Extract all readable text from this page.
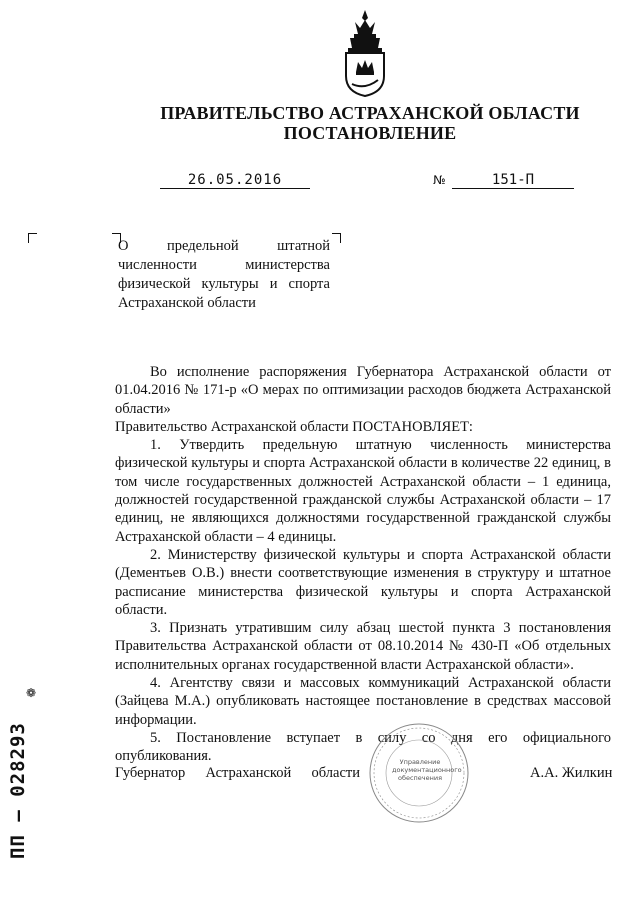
ПРАВИТЕЛЬСТВО АСТРАХАНСКОЙ ОБЛАСТИ
ПОСТАНОВЛЕНИЕ
26.05.2016	№	151-П
О предельной штатной численности министерства физической культуры и спорта Астраханской области

Во исполнение распоряжения Губернатора Астраханской области от 01.04.2016 № 171-р «О мерах по оптимизации расходов бюджета Астраханской области»

Правительство Астраханской области ПОСТАНОВЛЯЕТ:

1. Утвердить предельную штатную численность министерства физической культуры и спорта Астраханской области в количестве 22 единиц, в том числе государственных должностей Астраханской области – 1 единица, должностей государственной гражданской службы Астраханской области – 17 единиц, не являющихся должностями государственной гражданской службы Астраханской области – 4 единицы.

2. Министерству физической культуры и спорта Астраханской области (Дементьев О.В.) внести соответствующие изменения в структуру и штатное расписание министерства физической культуры и спорта Астраханской области.

3. Признать утратившим силу абзац шестой пункта 3 постановления Правительства Астраханской области от 08.10.2014 № 430-П «Об отдельных исполнительных органах государственной власти Астраханской области».

4. Агентству связи и массовых коммуникаций Астраханской области (Зайцева М.А.) опубликовать настоящее постановление в средствах массовой информации.

5. Постановление вступает в силу со дня его официального опубликования.

Губернатор Астраханской области
Управление документационного обеспечения	А.А. Жилкин
❁
ПП – 028293
